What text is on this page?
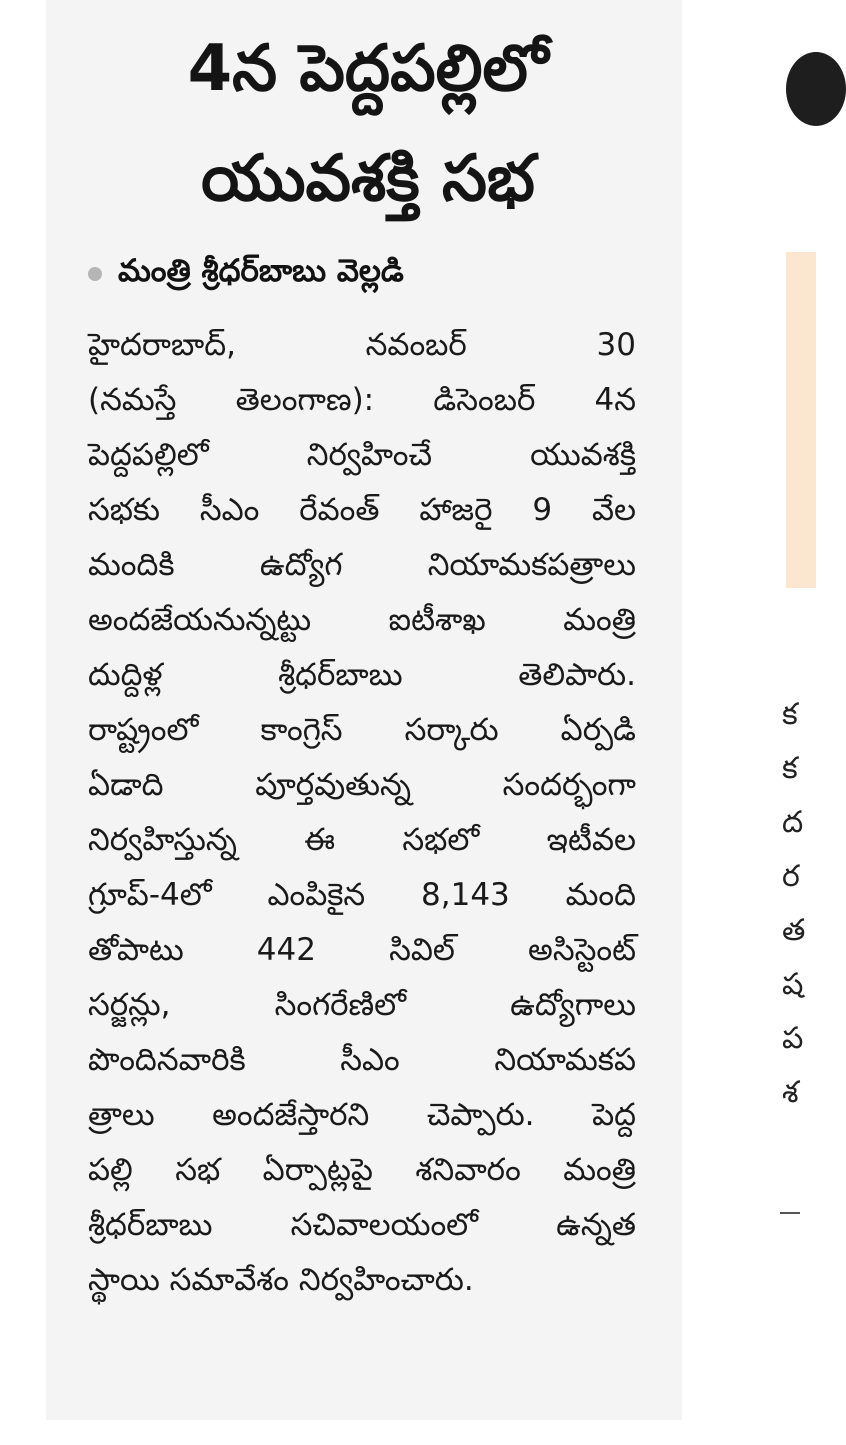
4న పెద్దపల్లిలో
యువశక్తి సభ
మంత్రి శ్రీధర్‌బాబు వెల్లడి
హైదరాబాద్, నవంబర్ 30
(నమస్తే తెలంగాణ): డిసెంబర్ 4న
పెద్దపల్లిలో నిర్వహించే యువశక్తి
సభకు సీఎం రేవంత్ హాజరై 9 వేల
మందికి ఉద్యోగ నియామకపత్రాలు
అందజేయనున్నట్టు ఐటీశాఖ మంత్రి
దుద్దిళ్ల శ్రీధర్‌బాబు తెలిపారు.
రాష్ట్రంలో కాంగ్రెస్ సర్కారు ఏర్పడి
ఏడాది పూర్తవుతున్న సందర్భంగా
నిర్వహిస్తున్న ఈ సభలో ఇటీవల
గ్రూప్-4లో ఎంపికైన 8,143 మంది
తోపాటు 442 సివిల్ అసిస్టెంట్
సర్జన్లు, సింగరేణిలో ఉద్యోగాలు
పొందినవారికి సీఎం నియామకప
త్రాలు అందజేస్తారని చెప్పారు. పెద్ద
పల్లి సభ ఏర్పాట్లపై శనివారం మంత్రి
శ్రీధర్‌బాబు సచివాలయంలో ఉన్నత
స్థాయి సమావేశం నిర్వహించారు.
క
క
ద
ర
త
ష
ప
శ
